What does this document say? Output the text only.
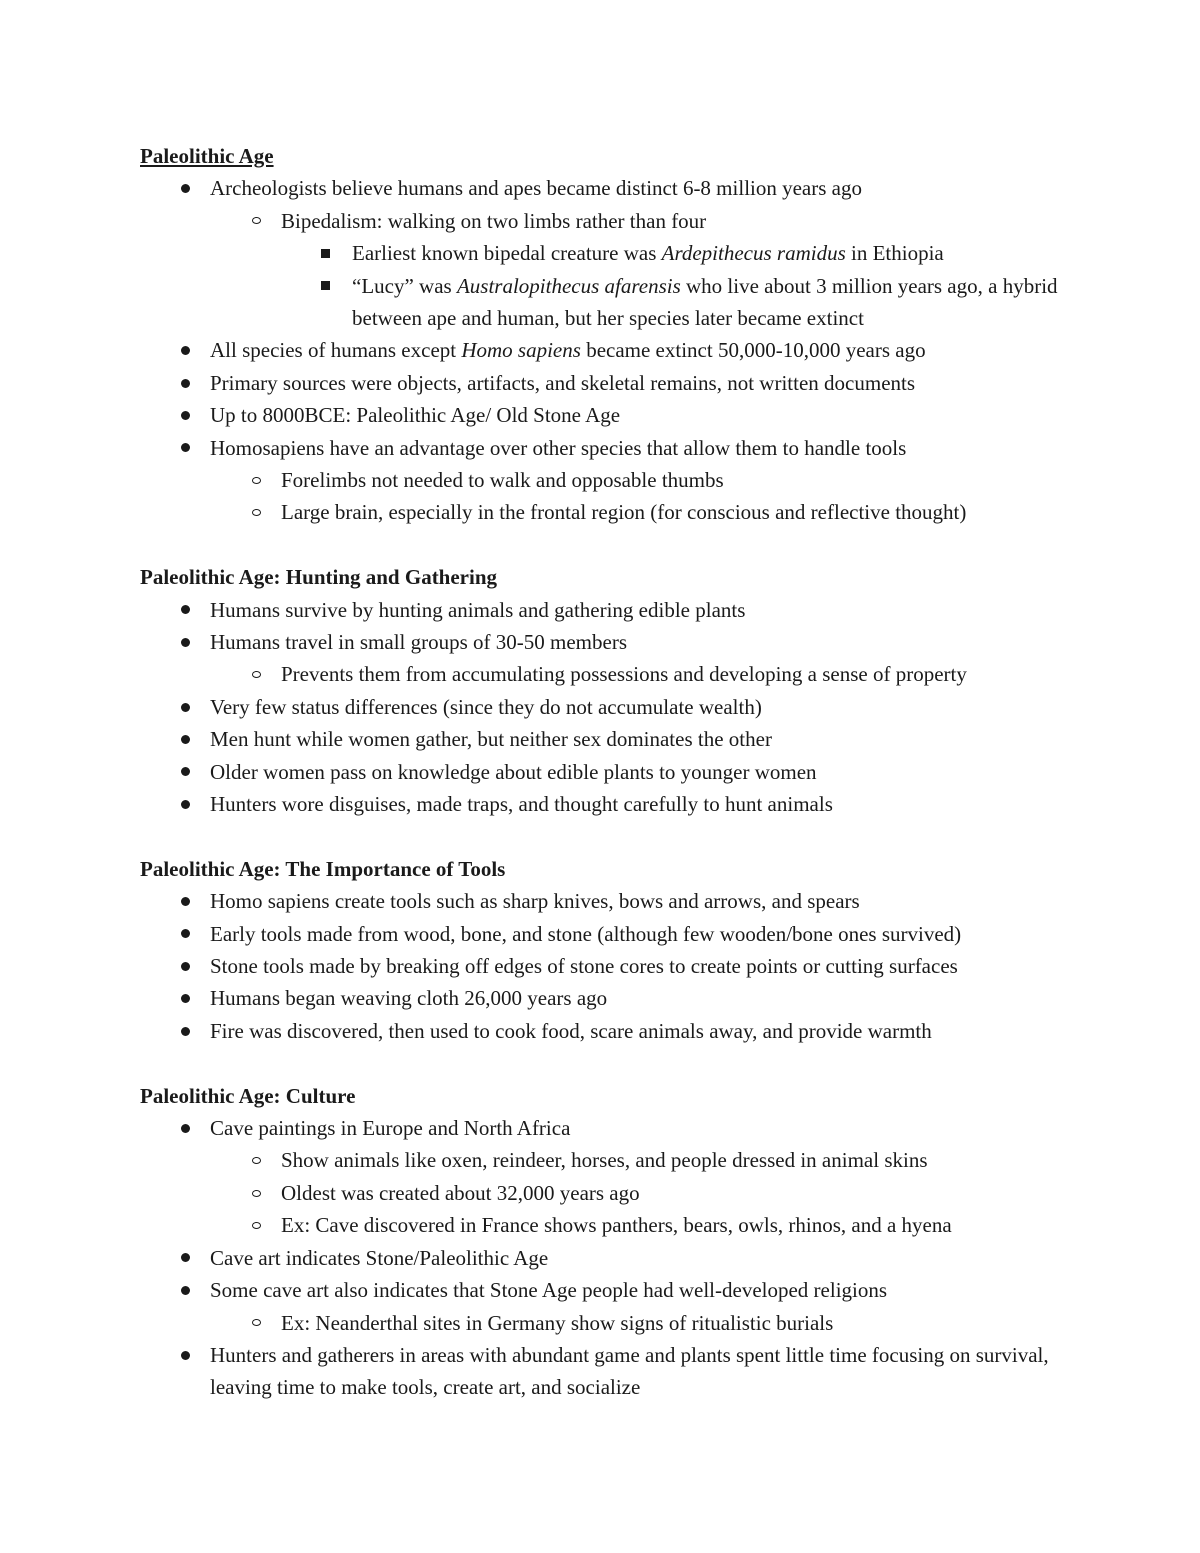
Paleolithic Age
Archeologists believe humans and apes became distinct 6-8 million years ago
Bipedalism: walking on two limbs rather than four
Earliest known bipedal creature was Ardepithecus ramidus in Ethiopia
“Lucy” was Australopithecus afarensis who live about 3 million years ago, a hybrid between ape and human, but her species later became extinct
All species of humans except Homo sapiens became extinct 50,000-10,000 years ago
Primary sources were objects, artifacts, and skeletal remains, not written documents
Up to 8000BCE: Paleolithic Age/ Old Stone Age
Homosapiens have an advantage over other species that allow them to handle tools
Forelimbs not needed to walk and opposable thumbs
Large brain, especially in the frontal region (for conscious and reflective thought)
Paleolithic Age: Hunting and Gathering
Humans survive by hunting animals and gathering edible plants
Humans travel in small groups of 30-50 members
Prevents them from accumulating possessions and developing a sense of property
Very few status differences (since they do not accumulate wealth)
Men hunt while women gather, but neither sex dominates the other
Older women pass on knowledge about edible plants to younger women
Hunters wore disguises, made traps, and thought carefully to hunt animals
Paleolithic Age: The Importance of Tools
Homo sapiens create tools such as sharp knives, bows and arrows, and spears
Early tools made from wood, bone, and stone (although few wooden/bone ones survived)
Stone tools made by breaking off edges of stone cores to create points or cutting surfaces
Humans began weaving cloth 26,000 years ago
Fire was discovered, then used to cook food, scare animals away, and provide warmth
Paleolithic Age: Culture
Cave paintings in Europe and North Africa
Show animals like oxen, reindeer, horses, and people dressed in animal skins
Oldest was created about 32,000 years ago
Ex: Cave discovered in France shows panthers, bears, owls, rhinos, and a hyena
Cave art indicates Stone/Paleolithic Age
Some cave art also indicates that Stone Age people had well-developed religions
Ex: Neanderthal sites in Germany show signs of ritualistic burials
Hunters and gatherers in areas with abundant game and plants spent little time focusing on survival, leaving time to make tools, create art, and socialize
